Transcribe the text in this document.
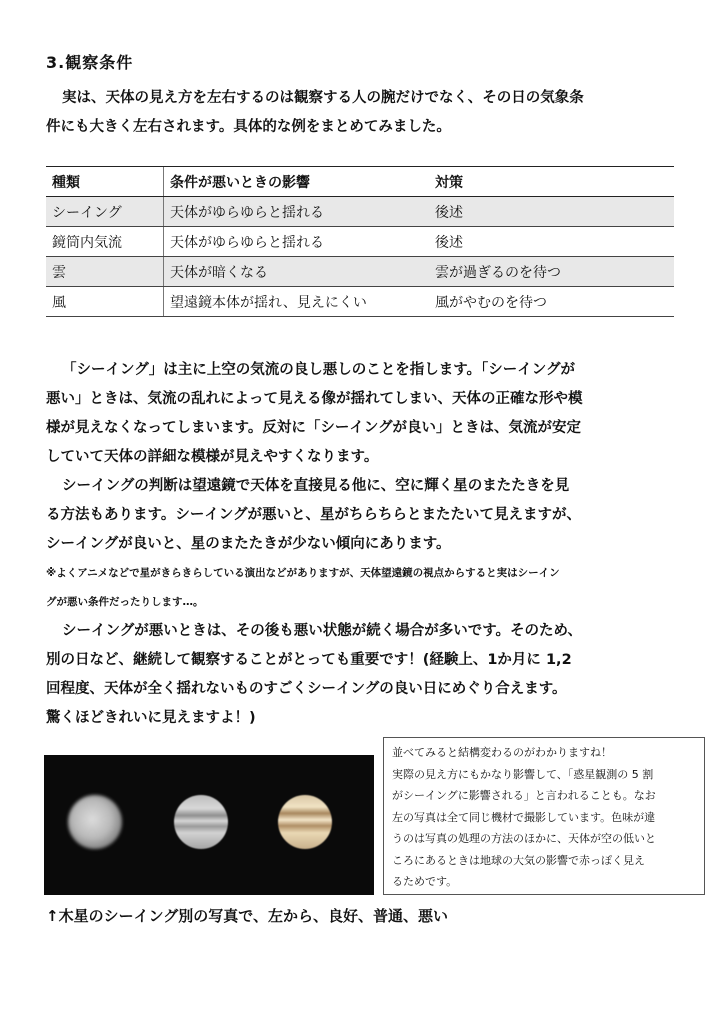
3.観察条件
実は、天体の見え方を左右するのは観察する人の腕だけでなく、その日の気象条
件にも大きく左右されます。具体的な例をまとめてみました。
種類	条件が悪いときの影響	対策
シーイング	天体がゆらゆらと揺れる	後述
鏡筒内気流	天体がゆらゆらと揺れる	後述
雲	天体が暗くなる	雲が過ぎるのを待つ
風	望遠鏡本体が揺れ、見えにくい	風がやむのを待つ
「シーイング」は主に上空の気流の良し悪しのことを指します。「シーイングが
悪い」ときは、気流の乱れによって見える像が揺れてしまい、天体の正確な形や模
様が見えなくなってしまいます。反対に「シーイングが良い」ときは、気流が安定
していて天体の詳細な模様が見えやすくなります。
シーイングの判断は望遠鏡で天体を直接見る他に、空に輝く星のまたたきを見
る方法もあります。シーイングが悪いと、星がちらちらとまたたいて見えますが、
シーイングが良いと、星のまたたきが少ない傾向にあります。
※よくアニメなどで星がきらきらしている演出などがありますが、天体望遠鏡の視点からすると実はシーイン
グが悪い条件だったりします…。
シーイングが悪いときは、その後も悪い状態が続く場合が多いです。そのため、
別の日など、継続して観察することがとっても重要です！(経験上、1か月に 1,2
回程度、天体が全く揺れないものすごくシーイングの良い日にめぐり合えます。
驚くほどきれいに見えますよ！)
並べてみると結構変わるのがわかりますね！
実際の見え方にもかなり影響して、「惑星観測の 5 割
がシーイングに影響される」と言われることも。なお
左の写真は全て同じ機材で撮影しています。色味が違
うのは写真の処理の方法のほかに、天体が空の低いと
ころにあるときは地球の大気の影響で赤っぽく見え
るためです。
↑木星のシーイング別の写真で、左から、良好、普通、悪い
